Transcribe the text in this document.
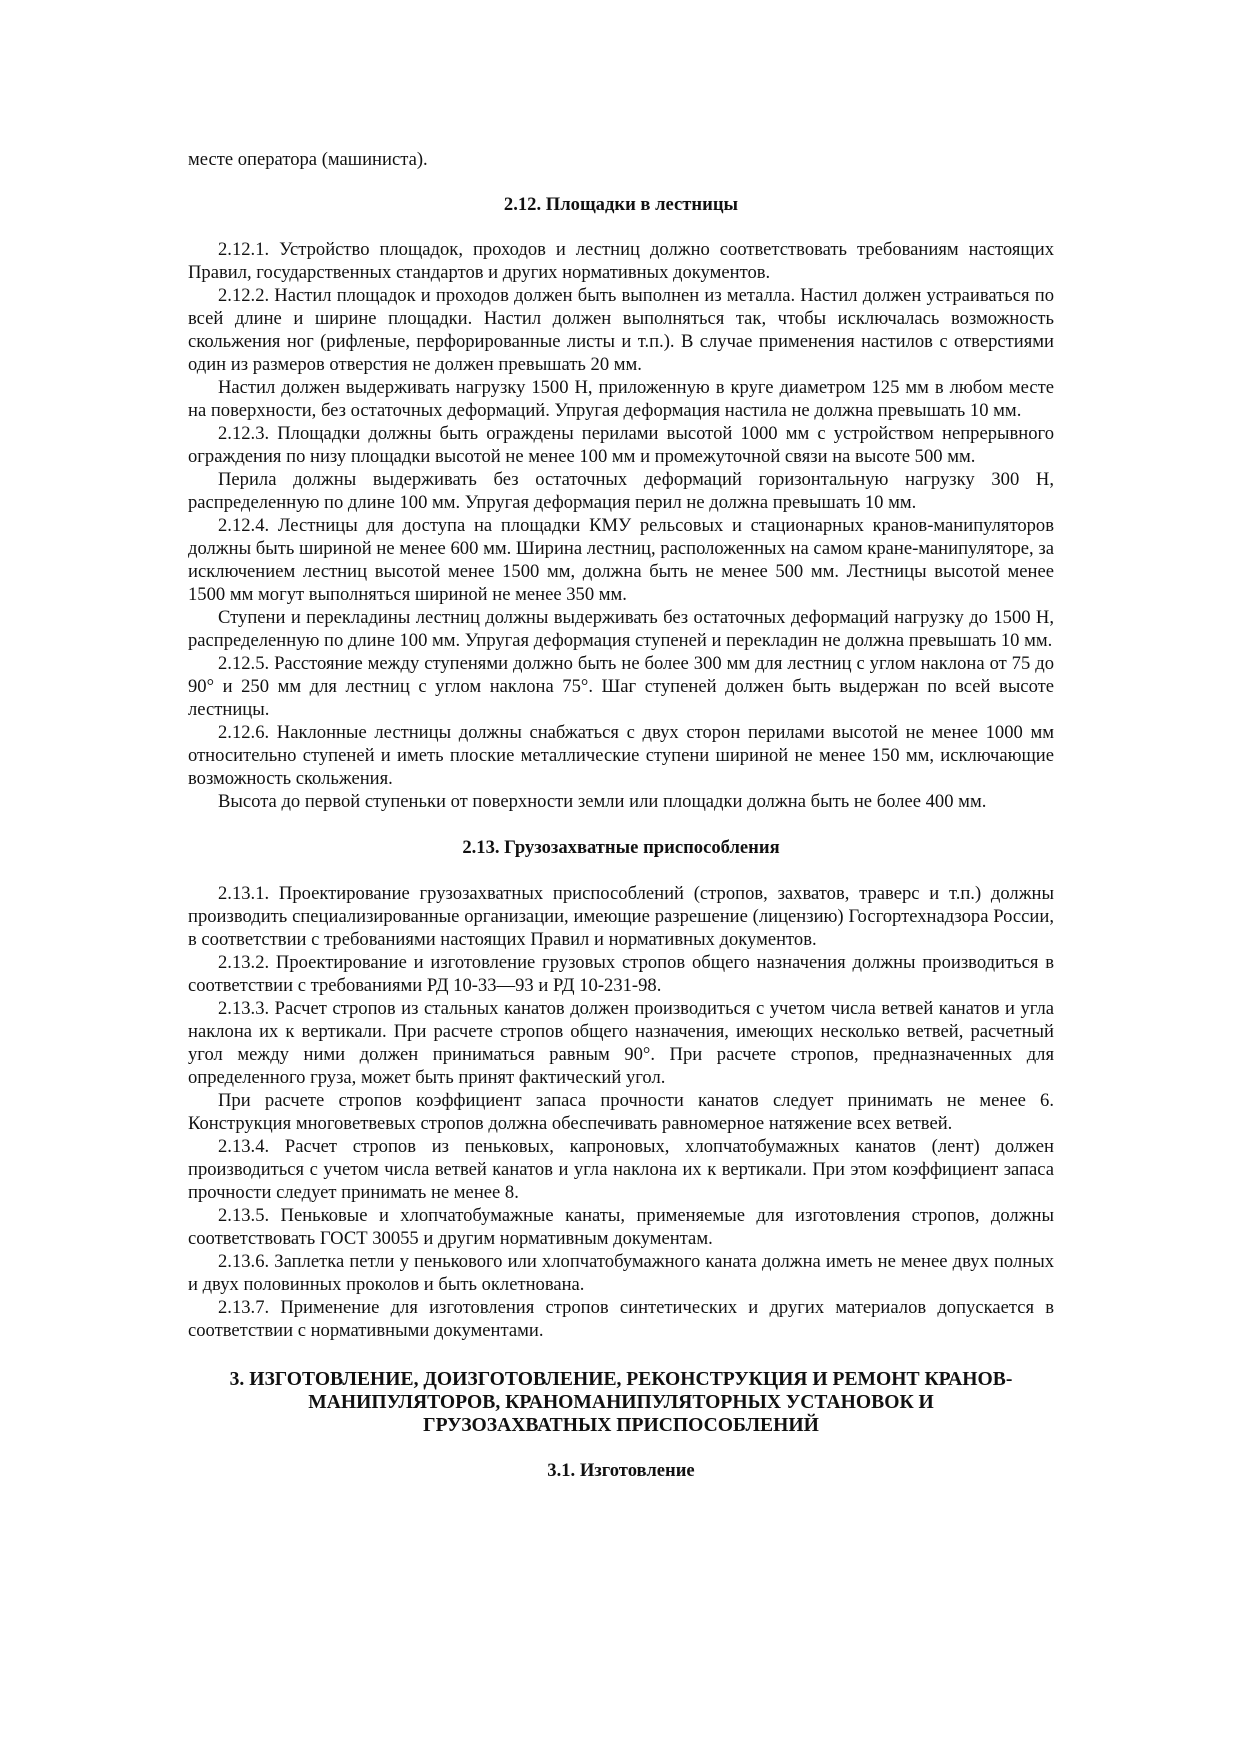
месте оператора (машиниста).

2.12. Площадки в лестницы

2.12.1. Устройство площадок, проходов и лестниц должно соответствовать требованиям настоящих Правил, государственных стандартов и других нормативных документов.

2.12.2. Настил площадок и проходов должен быть выполнен из металла. Настил должен устраиваться по всей длине и ширине площадки. Настил должен выполняться так, чтобы исключалась возможность скольжения ног (рифленые, перфорированные листы и т.п.). В случае применения настилов с отверстиями один из размеров отверстия не должен превышать 20 мм.

Настил должен выдерживать нагрузку 1500 Н, приложенную в круге диаметром 125 мм в любом месте на поверхности, без остаточных деформаций. Упругая деформация настила не должна превышать 10 мм.

2.12.3. Площадки должны быть ограждены перилами высотой 1000 мм с устройством непрерывного ограждения по низу площадки высотой не менее 100 мм и промежуточной связи на высоте 500 мм.

Перила должны выдерживать без остаточных деформаций горизонтальную нагрузку 300 Н, распределенную по длине 100 мм. Упругая деформация перил не должна превышать 10 мм.

2.12.4. Лестницы для доступа на площадки КМУ рельсовых и стационарных кранов-манипуляторов должны быть шириной не менее 600 мм. Ширина лестниц, расположенных на самом кране-манипуляторе, за исключением лестниц высотой менее 1500 мм, должна быть не менее 500 мм. Лестницы высотой менее 1500 мм могут выполняться шириной не менее 350 мм.

Ступени и перекладины лестниц должны выдерживать без остаточных деформаций нагрузку до 1500 Н, распределенную по длине 100 мм. Упругая деформация ступеней и перекладин не должна превышать 10 мм.

2.12.5. Расстояние между ступенями должно быть не более 300 мм для лестниц с углом наклона от 75 до 90° и 250 мм для лестниц с углом наклона 75°. Шаг ступеней должен быть выдержан по всей высоте лестницы.

2.12.6. Наклонные лестницы должны снабжаться с двух сторон перилами высотой не менее 1000 мм относительно ступеней и иметь плоские металлические ступени шириной не менее 150 мм, исключающие возможность скольжения.

Высота до первой ступеньки от поверхности земли или площадки должна быть не более 400 мм.

2.13. Грузозахватные приспособления

2.13.1. Проектирование грузозахватных приспособлений (стропов, захватов, траверс и т.п.) должны производить специализированные организации, имеющие разрешение (лицензию) Госгортехнадзора России, в соответствии с требованиями настоящих Правил и нормативных документов.

2.13.2. Проектирование и изготовление грузовых стропов общего назначения должны производиться в соответствии с требованиями РД 10-33—93 и РД 10-231-98.

2.13.3. Расчет стропов из стальных канатов должен производиться с учетом числа ветвей канатов и угла наклона их к вертикали. При расчете стропов общего назначения, имеющих несколько ветвей, расчетный угол между ними должен приниматься равным 90°. При расчете стропов, предназначенных для определенного груза, может быть принят фактический угол.

При расчете стропов коэффициент запаса прочности канатов следует принимать не менее 6. Конструкция многоветвевых стропов должна обеспечивать равномерное натяжение всех ветвей.

2.13.4. Расчет стропов из пеньковых, капроновых, хлопчатобумажных канатов (лент) должен производиться с учетом числа ветвей канатов и угла наклона их к вертикали. При этом коэффициент запаса прочности следует принимать не менее 8.

2.13.5. Пеньковые и хлопчатобумажные канаты, применяемые для изготовления стропов, должны соответствовать ГОСТ 30055 и другим нормативным документам.

2.13.6. Заплетка петли у пенькового или хлопчатобумажного каната должна иметь не менее двух полных и двух половинных проколов и быть оклетнована.

2.13.7. Применение для изготовления стропов синтетических и других материалов допускается в соответствии с нормативными документами.

3. ИЗГОТОВЛЕНИЕ, ДОИЗГОТОВЛЕНИЕ, РЕКОНСТРУКЦИЯ И РЕМОНТ КРАНОВ-МАНИПУЛЯТОРОВ, КРАНОМАНИПУЛЯТОРНЫХ УСТАНОВОК И ГРУЗОЗАХВАТНЫХ ПРИСПОСОБЛЕНИЙ
3.1. Изготовление
